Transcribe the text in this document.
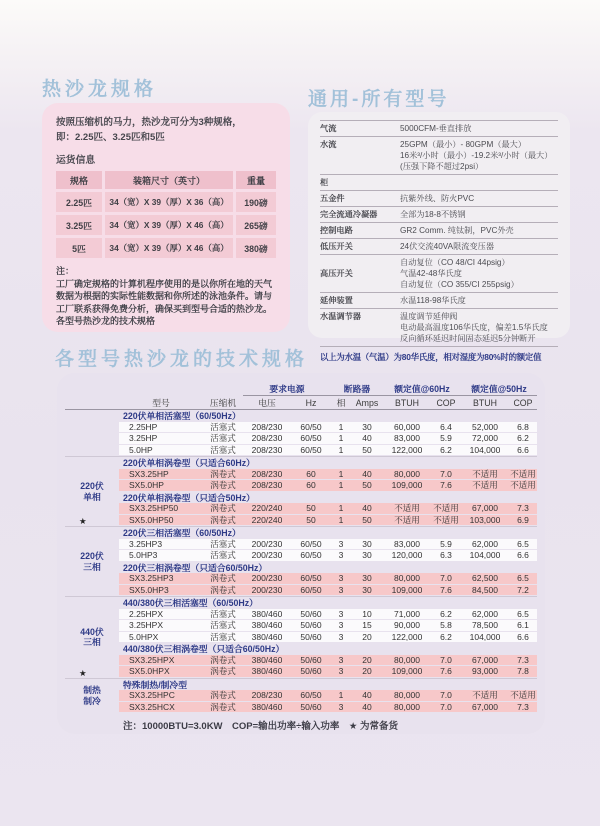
热沙龙规格
按照压缩机的马力，热沙龙可分为3种规格，
即：2.25匹、3.25匹和5匹
运货信息
规格	装箱尺寸（英寸）	重量
2.25匹	34（宽）X 39（厚）X 36（高）	190磅
3.25匹	34（宽）X 39（厚）X 46（高）	265磅
5匹	34（宽）X 39（厚）X 46（高）	380磅
注：
工厂确定规格的计算机程序使用的是以你所在地的天气数据为根据的实际性能数据和你所述的泳池条件。请与工厂联系获得免费分析，确保买到型号合适的热沙龙。各型号热沙龙的技术规格
通用-所有型号
气流	5000CFM-垂直排放
水流	25GPM（最小）- 80GPM（最大）
16米³/小时（最小）-19.2米³/小时（最大）
(压强下降不超过2psi）
柜
五金件	抗紫外线、防火PVC
完全流通冷凝器	全部为18-8不锈钢
控制电路	GR2 Comm. 纯钛制，PVC外壳
低压开关	24伏交流40VA限流变压器
高压开关
自动复位（CO 48/CI 44psig）
气温42-48华氏度
自动复位（CO 355/CI 255psig）
延伸装置	水温118-98华氏度
水温调节器	温度调节延伸阀
电动最高温度106华氏度，偏差1.5华氏度
反向循环延迟时间固态延迟5分钟断开
以上为水温（气温）为80华氏度，相对湿度为80%时的额定值
各型号热沙龙的技术规格
要求电源	断路器	额定值@60Hz	额定值@50Hz
型号	压缩机	电压	Hz	相	Amps	BTUH	COP	BTUH	COP
220伏单相活塞型（60/50Hz）
2.25HP	活塞式	208/230	60/50	1	30	60,000	6.4	52,000	6.8
3.25HP	活塞式	208/230	60/50	1	40	83,000	5.9	72,000	6.2
5.0HP	活塞式	208/230	60/50	1	50	122,000	6.2	104,000	6.6
220伏
单相
★
220伏单相涡卷型（只适合60Hz）
SX3.25HP	涡卷式	208/230	60	1	40	80,000	7.0	不适用	不适用
SX5.0HP	涡卷式	208/230	60	1	50	109,000	7.6	不适用	不适用
220伏单相涡卷型（只适合50Hz）
SX3.25HP50	涡卷式	220/240	50	1	40	不适用	不适用	67,000	7.3
SX5.0HP50	涡卷式	220/240	50	1	50	不适用	不适用	103,000	6.9
220伏
三相
220伏三相活塞型（60/50Hz）
3.25HP3	活塞式	200/230	60/50	3	30	83,000	5.9	62,000	6.5
5.0HP3	活塞式	200/230	60/50	3	30	120,000	6.3	104,000	6.6
220伏三相涡卷型（只适合60/50Hz）
SX3.25HP3	涡卷式	200/230	60/50	3	30	80,000	7.0	62,500	6.5
SX5.0HP3	涡卷式	200/230	60/50	3	30	109,000	7.6	84,500	7.2
440伏
三相
★
440/380伏三相活塞型（60/50Hz）
2.25HPX	活塞式	380/460	50/60	3	10	71,000	6.2	62,000	6.5
3.25HPX	活塞式	380/460	50/60	3	15	90,000	5.8	78,500	6.1
5.0HPX	活塞式	380/460	50/60	3	20	122,000	6.2	104,000	6.6
440/380伏三相涡卷型（只适合60/50Hz）
SX3.25HPX	涡卷式	380/460	50/60	3	20	80,000	7.0	67,000	7.3
SX5.0HPX	涡卷式	380/460	50/60	3	20	109,000	7.6	93,000	7.8
制热
制冷
特殊制热/制冷型
SX3.25HPC	涡卷式	208/230	60/50	1	40	80,000	7.0	不适用	不适用
SX3.25HCX	涡卷式	380/460	50/60	3	40	80,000	7.0	67,000	7.3
注：10000BTU=3.0KW　COP=输出功率÷输入功率　★ 为常备货
